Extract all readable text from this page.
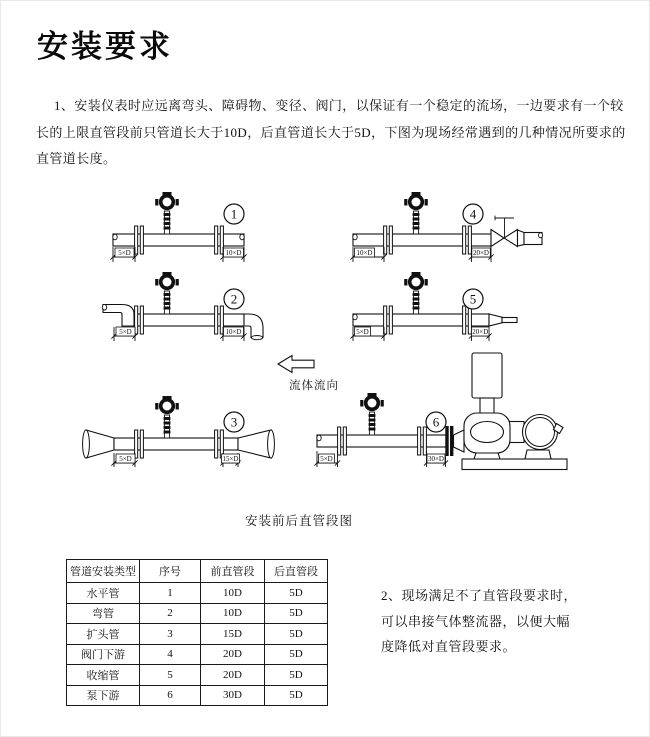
安装要求

1、安装仪表时应远离弯头、障碍物、变径、阀门，以保证有一个稳定的流场，一边要求有一个较长的上限直管段前只管道长大于10D，后直管道长大于5D，下图为现场经常遇到的几种情况所要求的直管道长度。

5×D	10×D
1
5×D	10×D
2
5×D	15×D
3
10×D	20×D
4
5×D	20×D
5
流体流向
5×D	30×D
6
安装前后直管段图
管道安装类型	序号	前直管段	后直管段
水平管	1	10D	5D
弯管	2	10D	5D
扩头管	3	15D	5D
阀门下游	4	20D	5D
收缩管	5	20D	5D
泵下游	6	30D	5D

2、现场满足不了直管段要求时，
可以串接气体整流器，以便大幅
度降低对直管段要求。
